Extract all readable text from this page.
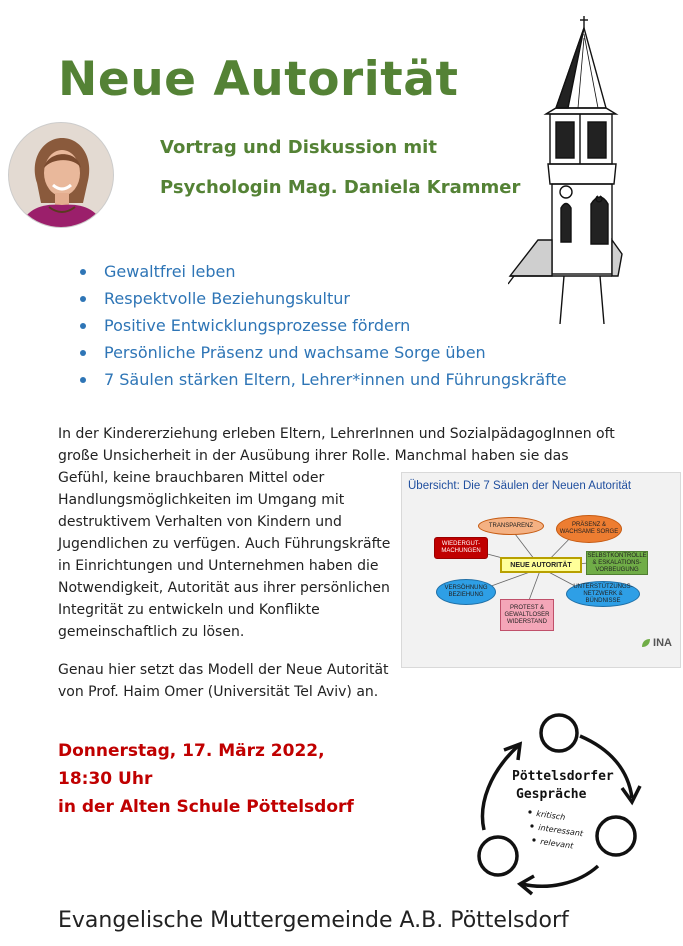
Neue Autorität
Vortrag und Diskussion mit
Psychologin Mag. Daniela Krammer
Gewaltfrei leben
Respektvolle Beziehungskultur
Positive Entwicklungsprozesse fördern
Persönliche Präsenz und wachsame Sorge üben
7 Säulen stärken Eltern, Lehrer*innen und Führungskräfte
In der Kindererziehung erleben Eltern, LehrerInnen und SozialpädagogInnen oft
große Unsicherheit in der Ausübung ihrer Rolle. Manchmal haben sie das
Gefühl, keine brauchbaren Mittel oder Handlungsmöglichkeiten im Umgang mit destruktivem Verhalten von Kindern und Jugendlichen zu verfügen. Auch Führungskräfte in Einrichtungen und Unternehmen haben die Notwendigkeit, Autorität aus ihrer persönlichen Integrität zu entwickeln und Konflikte gemeinschaftlich zu lösen.
Genau hier setzt das Modell der Neue Autorität von Prof. Haim Omer (Universität Tel Aviv) an.
Übersicht: Die 7 Säulen der Neuen Autorität
TRANSPARENZ	PRÄSENZ & WACHSAME SORGE
WIEDERGUT-MACHUNGEN
NEUE AUTORITÄT
SELBSTKONTROLLE & ESKALATIONS-VORBEUGUNG
VERSÖHNUNG BEZIEHUNG
UNTERSTÜTZUNGS-NETZWERK & BÜNDNISSE
PROTEST & GEWALTLOSER WIDERSTAND
INA
Donnerstag, 17. März 2022,
18:30 Uhr
in der Alten Schule Pöttelsdorf
Pöttelsdorfer
Gespräche
kritisch
interessant
relevant
Evangelische Muttergemeinde A.B. Pöttelsdorf
